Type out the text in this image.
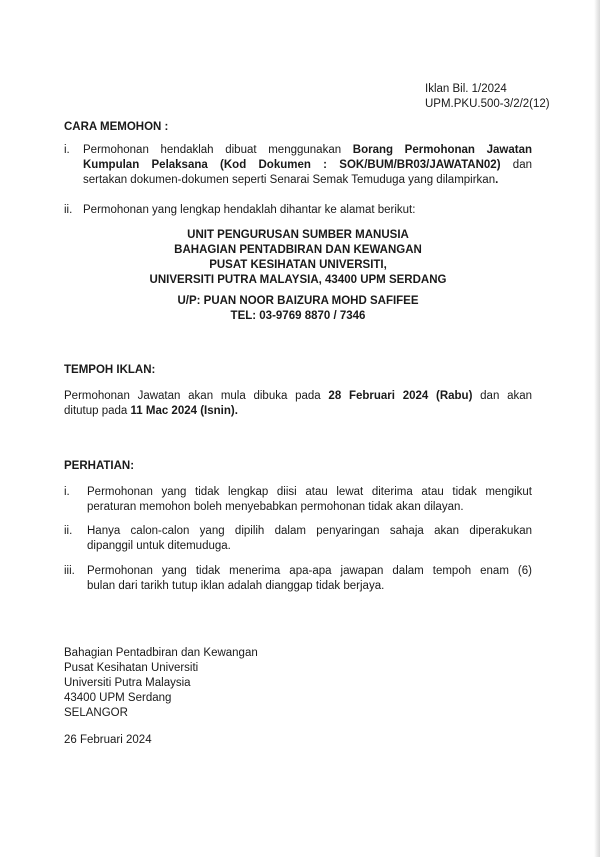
Iklan Bil. 1/2024
UPM.PKU.500-3/2/2(12)
CARA MEMOHON :
i. Permohonan hendaklah dibuat menggunakan Borang Permohonan Jawatan
Kumpulan Pelaksana (Kod Dokumen : SOK/BUM/BR03/JAWATAN02) dan
sertakan dokumen-dokumen seperti Senarai Semak Temuduga yang dilampirkan.
ii. Permohonan yang lengkap hendaklah dihantar ke alamat berikut:
UNIT PENGURUSAN SUMBER MANUSIA
BAHAGIAN PENTADBIRAN DAN KEWANGAN
PUSAT KESIHATAN UNIVERSITI,
UNIVERSITI PUTRA MALAYSIA, 43400 UPM SERDANG
U/P: PUAN NOOR BAIZURA MOHD SAFIFEE
TEL: 03-9769 8870 / 7346
TEMPOH IKLAN:
Permohonan Jawatan akan mula dibuka pada 28 Februari 2024 (Rabu) dan akan
ditutup pada 11 Mac 2024 (Isnin).
PERHATIAN:
i. Permohonan yang tidak lengkap diisi atau lewat diterima atau tidak mengikut
peraturan memohon boleh menyebabkan permohonan tidak akan dilayan.
ii. Hanya calon-calon yang dipilih dalam penyaringan sahaja akan diperakukan
dipanggil untuk ditemuduga.
iii. Permohonan yang tidak menerima apa-apa jawapan dalam tempoh enam (6)
bulan dari tarikh tutup iklan adalah dianggap tidak berjaya.
Bahagian Pentadbiran dan Kewangan
Pusat Kesihatan Universiti
Universiti Putra Malaysia
43400 UPM Serdang
SELANGOR
26 Februari 2024
